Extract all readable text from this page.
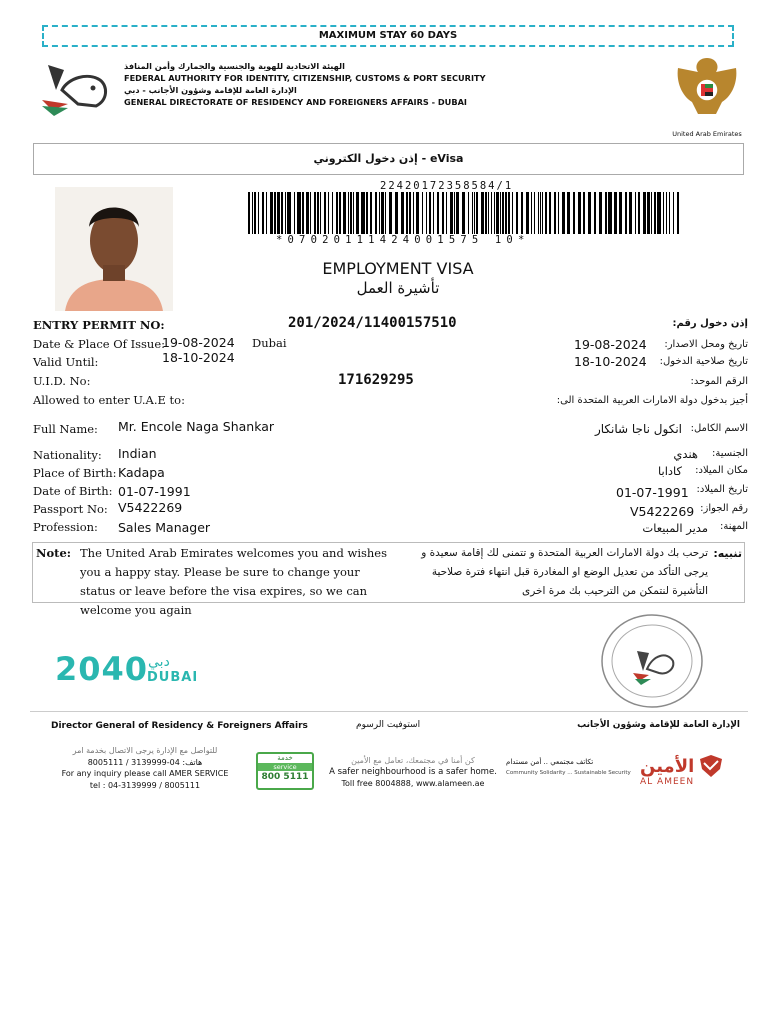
MAXIMUM STAY 60 DAYS
الهيئة الاتحادية للهوية والجنسية والجمارك وأمن المنافذ
FEDERAL AUTHORITY FOR IDENTITY, CITIZENSHIP, CUSTOMS & PORT SECURITY
الإدارة العامة للإقامة وشؤون الأجانب - دبي
GENERAL DIRECTORATE OF RESIDENCY AND FOREIGNERS AFFAIRS - DUBAI
United Arab Emirates
إذن دخول الكتروني - eVisa
22420172358584/1
*07020111424001575 10*
EMPLOYMENT VISA
تأشيرة العمل
ENTRY PERMIT NO:	201/2024/11400157510	إذن دخول رقم:
Date & Place Of Issue:
19-08-2024 Dubai	19-08-2024 تاريخ ومحل الاصدار:
Valid Until:	18-10-2024	18-10-2024 تاريخ صلاحية الدخول:
U.I.D. No:	171629295	الرقم الموحد:
Allowed to enter U.A.E to:	أجيز بدخول دولة الامارات العربية المتحدة الى:
Full Name: Mr. Encole Naga Shankar	انكول ناجا شانكار الاسم الكامل:
Nationality: Indian	هندي الجنسية:
Place of Birth: Kadapa	كادابا مكان الميلاد:
Date of Birth: 01-07-1991	01-07-1991 تاريخ الميلاد:
Passport No: V5422269	V5422269 رقم الجواز:
Profession: Sales Manager	مدير المبيعات المهنة:
Note: The United Arab Emirates welcomes you and wishes you a happy stay. Please be sure to change your status or leave before the visa expires, so we can welcome you again
ترحب بك دولة الامارات العربية المتحدة و تتمنى لك إقامة سعيدة و يرجى التأكد من تعديل الوضع او المغادرة قبل انتهاء فترة صلاحية التأشيرة لنتمكن من الترحيب بك مرة اخرى
تنبيه:
2040 دبي
DUBAI
Director General of Residency & Foreigners Affairs	استوفيت الرسوم	الإدارة العامة للإقامة وشؤون الأجانب
للتواصل مع الإدارة يرجى الاتصال بخدمة امر
هاتف: 04-3139999 / 8005111
For any inquiry please call AMER SERVICE
tel : 04-3139999 / 8005111
خدمة
service
800 5111
كن أمنا في مجتمعك، تعامل مع الأمين
A safer neighbourhood is a safer home.
Toll free 8004888, www.alameen.ae
تكاتف مجتمعي .. أمن مستدام
Community Solidarity ... Sustainable Security الأمين
AL AMEEN
